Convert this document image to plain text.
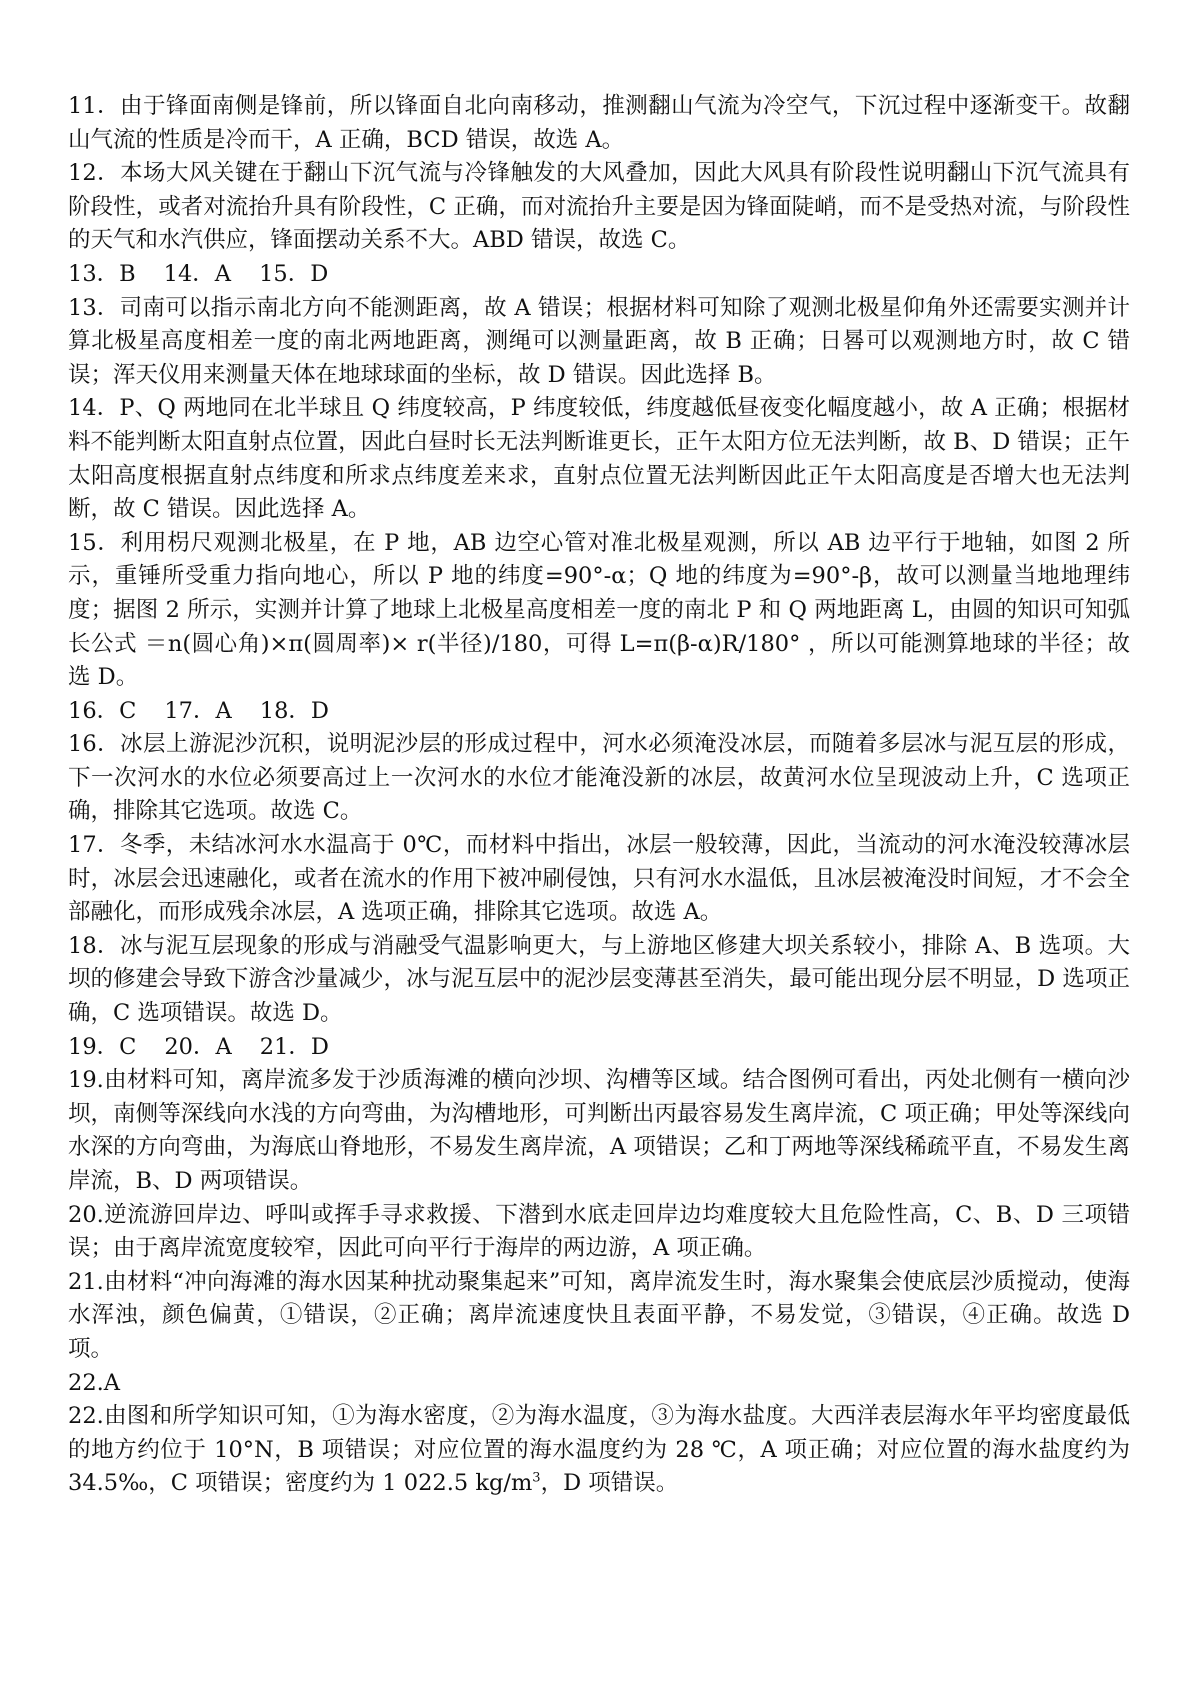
11．由于锋面南侧是锋前，所以锋面自北向南移动，推测翻山气流为冷空气，下沉过程中逐渐变干。故翻山气流的性质是冷而干，A 正确，BCD 错误，故选 A。

12．本场大风关键在于翻山下沉气流与冷锋触发的大风叠加，因此大风具有阶段性说明翻山下沉气流具有阶段性，或者对流抬升具有阶段性，C 正确，而对流抬升主要是因为锋面陡峭，而不是受热对流，与阶段性的天气和水汽供应，锋面摆动关系不大。ABD 错误，故选 C。

13．B 14．A 15．D

13．司南可以指示南北方向不能测距离，故 A 错误；根据材料可知除了观测北极星仰角外还需要实测并计算北极星高度相差一度的南北两地距离，测绳可以测量距离，故 B 正确；日晷可以观测地方时，故 C 错误；浑天仪用来测量天体在地球球面的坐标，故 D 错误。因此选择 B。

14．P、Q 两地同在北半球且 Q 纬度较高，P 纬度较低，纬度越低昼夜变化幅度越小，故 A 正确；根据材料不能判断太阳直射点位置，因此白昼时长无法判断谁更长，正午太阳方位无法判断，故 B、D 错误；正午太阳高度根据直射点纬度和所求点纬度差来求，直射点位置无法判断因此正午太阳高度是否增大也无法判断，故 C 错误。因此选择 A。

15．利用枴尺观测北极星，在 P 地，AB 边空心管对准北极星观测，所以 AB 边平行于地轴，如图 2 所示，重锤所受重力指向地心，所以 P 地的纬度=90°-α；Q 地的纬度为=90°-β，故可以测量当地地理纬度；据图 2 所示，实测并计算了地球上北极星高度相差一度的南北 P 和 Q 两地距离 L，由圆的知识可知弧长公式 ＝n(圆心角)×π(圆周率)× r(半径)/180，可得 L=π(β-α)R/180° ，所以可能测算地球的半径；故选 D。

16．C 17．A 18．D

16．冰层上游泥沙沉积，说明泥沙层的形成过程中，河水必须淹没冰层，而随着多层冰与泥互层的形成，下一次河水的水位必须要高过上一次河水的水位才能淹没新的冰层，故黄河水位呈现波动上升，C 选项正确，排除其它选项。故选 C。

17．冬季，未结冰河水水温高于 0℃，而材料中指出，冰层一般较薄，因此，当流动的河水淹没较薄冰层时，冰层会迅速融化，或者在流水的作用下被冲刷侵蚀，只有河水水温低，且冰层被淹没时间短，才不会全部融化，而形成残余冰层，A 选项正确，排除其它选项。故选 A。

18．冰与泥互层现象的形成与消融受气温影响更大，与上游地区修建大坝关系较小，排除 A、B 选项。大坝的修建会导致下游含沙量减少，冰与泥互层中的泥沙层变薄甚至消失，最可能出现分层不明显，D 选项正确，C 选项错误。故选 D。

19．C 20．A 21．D

19.由材料可知，离岸流多发于沙质海滩的横向沙坝、沟槽等区域。结合图例可看出，丙处北侧有一横向沙坝，南侧等深线向水浅的方向弯曲，为沟槽地形，可判断出丙最容易发生离岸流，C 项正确；甲处等深线向水深的方向弯曲，为海底山脊地形，不易发生离岸流，A 项错误；乙和丁两地等深线稀疏平直，不易发生离岸流，B、D 两项错误。

20.逆流游回岸边、呼叫或挥手寻求救援、下潜到水底走回岸边均难度较大且危险性高，C、B、D 三项错误；由于离岸流宽度较窄，因此可向平行于海岸的两边游，A 项正确。

21.由材料“冲向海滩的海水因某种扰动聚集起来”可知，离岸流发生时，海水聚集会使底层沙质搅动，使海水浑浊，颜色偏黄，①错误，②正确；离岸流速度快且表面平静，不易发觉，③错误，④正确。故选 D 项。

22.A

22.由图和所学知识可知，①为海水密度，②为海水温度，③为海水盐度。大西洋表层海水年平均密度最低的地方约位于 10°N，B 项错误；对应位置的海水温度约为 28 ℃，A 项正确；对应位置的海水盐度约为 34.5‰，C 项错误；密度约为 1 022.5 $kg/m^3$，D 项错误。
